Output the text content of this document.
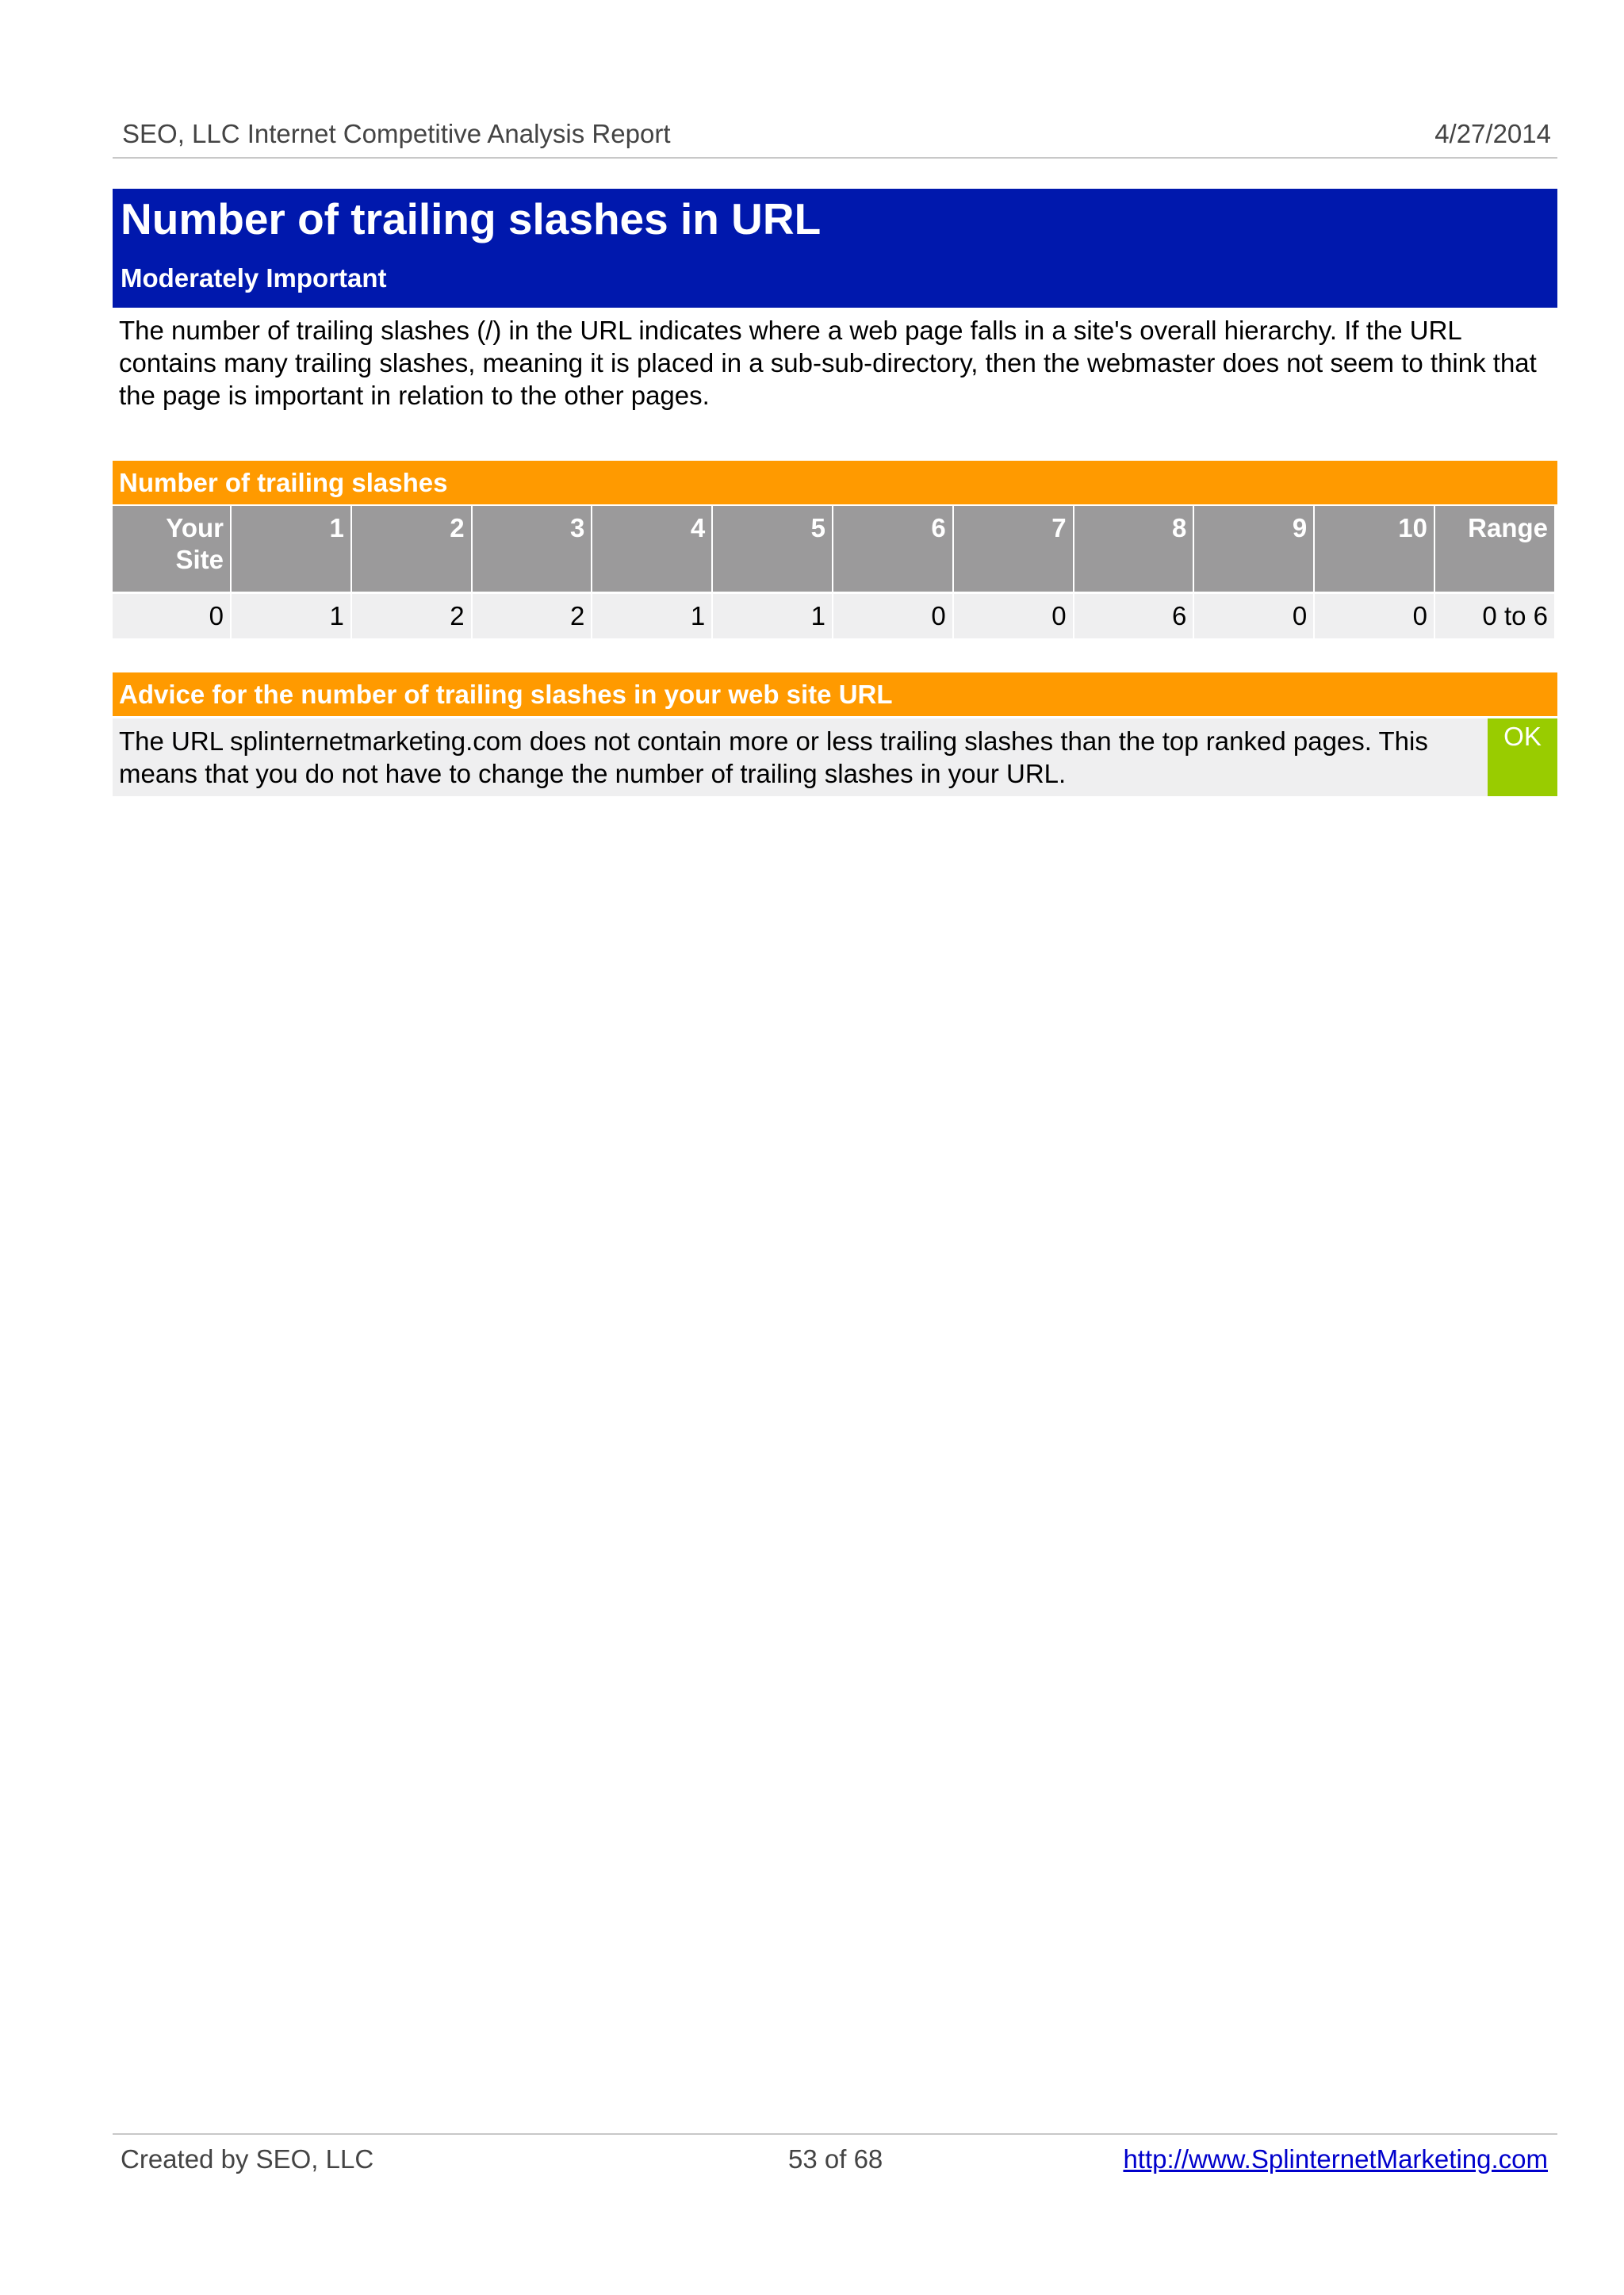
SEO, LLC Internet Competitive Analysis Report	4/27/2014
Number of trailing slashes in URL
Moderately Important
The number of trailing slashes (/) in the URL indicates where a web page falls in a site's overall hierarchy. If the URL contains many trailing slashes, meaning it is placed in a sub-sub-directory, then the webmaster does not seem to think that the page is important in relation to the other pages.
Number of trailing slashes
Your Site	1	2	3	4	5	6	7	8	9	10	Range
0	1	2	2	1	1	0	0	6	0	0	0 to 6
Advice for the number of trailing slashes in your web site URL
The URL splinternetmarketing.com does not contain more or less trailing slashes than the top ranked pages. This means that you do not have to change the number of trailing slashes in your URL.
OK
Created by SEO, LLC	53 of 68	http://www.SplinternetMarketing.com
